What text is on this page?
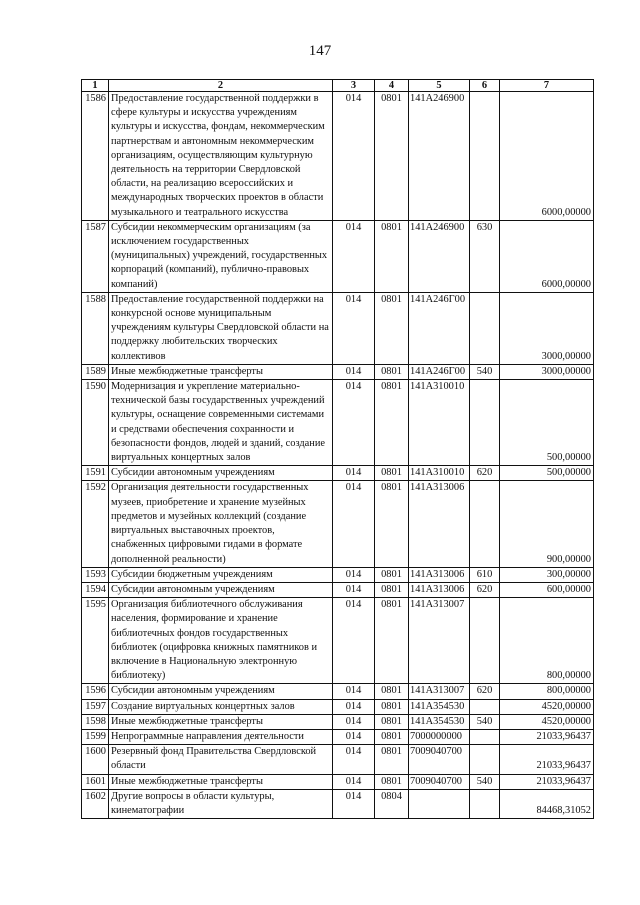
147
1	2	3	4	5	6	7
1586	Предоставление государственной поддержки в сфере культуры и искусства учреждениям культуры и искусства, фондам, некоммерческим партнерствам и автономным некоммерческим организациям, осуществляющим культурную деятельность на территории Свердловской области, на реализацию всероссийских и международных творческих проектов в области музыкального и театрального искусства	014	0801	141А246900		6000,00000
1587	Субсидии некоммерческим организациям (за исключением государственных (муниципальных) учреждений, государственных корпораций (компаний), публично-правовых компаний)	014	0801	141А246900	630	6000,00000
1588	Предоставление государственной поддержки на конкурсной основе муниципальным учреждениям культуры Свердловской области на поддержку любительских творческих коллективов	014	0801	141А246Г00		3000,00000
1589	Иные межбюджетные трансферты	014	0801	141А246Г00	540	3000,00000
1590	Модернизация и укрепление материально-технической базы государственных учреждений культуры, оснащение современными системами и средствами обеспечения сохранности и безопасности фондов, людей и зданий, создание виртуальных концертных залов	014	0801	141А310010		500,00000
1591	Субсидии автономным учреждениям	014	0801	141А310010	620	500,00000
1592	Организация деятельности государственных музеев, приобретение и хранение музейных предметов и музейных коллекций (создание виртуальных выставочных проектов, снабженных цифровыми гидами в формате дополненной реальности)	014	0801	141А313006		900,00000
1593	Субсидии бюджетным учреждениям	014	0801	141А313006	610	300,00000
1594	Субсидии автономным учреждениям	014	0801	141А313006	620	600,00000
1595	Организация библиотечного обслуживания населения, формирование и хранение библиотечных фондов государственных библиотек (оцифровка книжных памятников и включение в Национальную электронную библиотеку)	014	0801	141А313007		800,00000
1596	Субсидии автономным учреждениям	014	0801	141А313007	620	800,00000
1597	Создание виртуальных концертных залов	014	0801	141А354530		4520,00000
1598	Иные межбюджетные трансферты	014	0801	141А354530	540	4520,00000
1599	Непрограммные направления деятельности	014	0801	7000000000		21033,96437
1600	Резервный фонд Правительства Свердловской области	014	0801	7009040700		21033,96437
1601	Иные межбюджетные трансферты	014	0801	7009040700	540	21033,96437
1602	Другие вопросы в области культуры, кинематографии	014	0804			84468,31052
